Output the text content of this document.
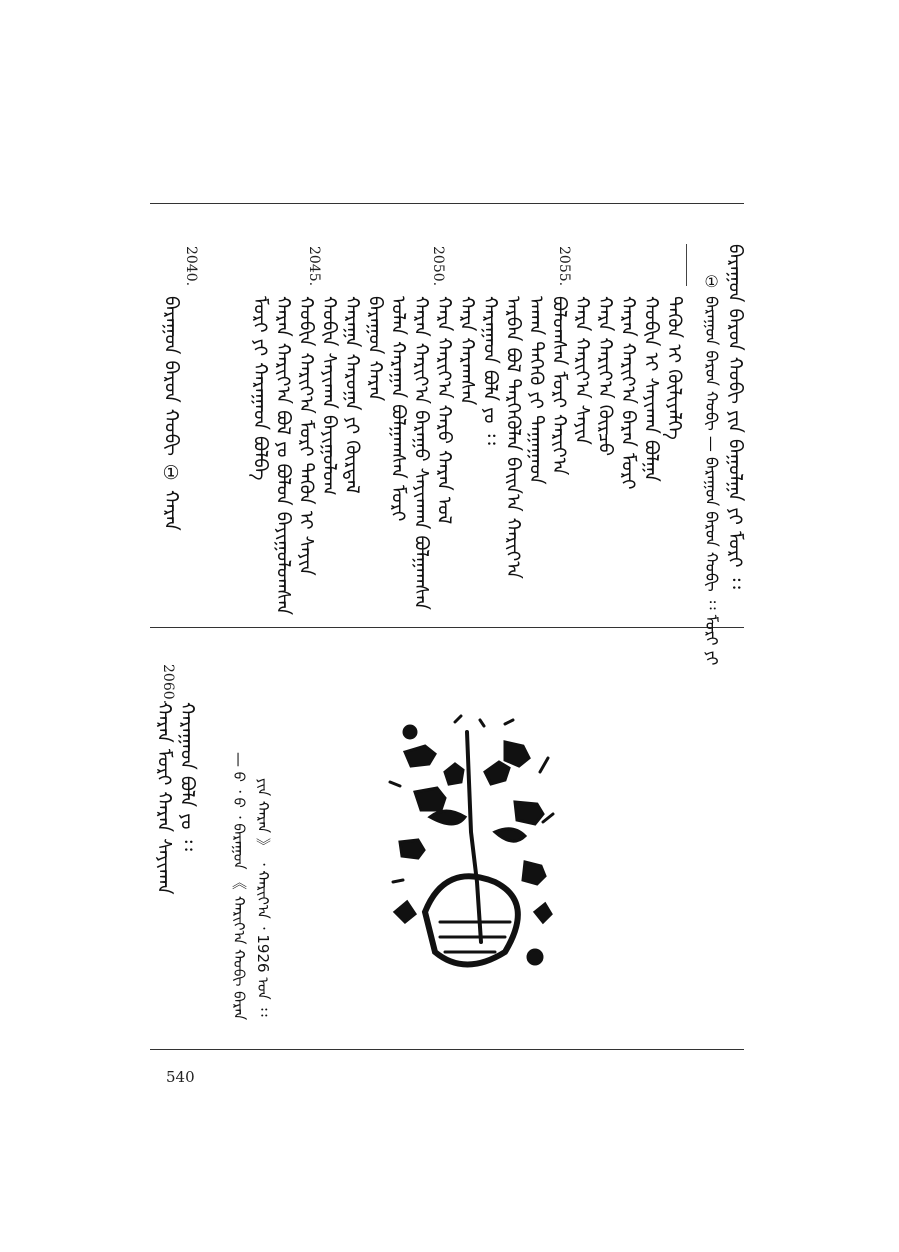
ᠪᠠᠷᠠᠭᠤᠨ ᠪᠠᠷᠤᠨ ᠬᠤᠪᠢ ᠶᠢᠨ ᠪᠠᠭᠤᠯᠭᠠ ᠶᠢ ᠮᠤᠷᠢ ᠄᠄
① ᠪᠠᠷᠠᠭᠤᠨ ᠪᠠᠷᠤᠨ ᠬᠤᠪᠢ — ᠪᠠᠷᠠᠭᠤᠨ ᠪᠠᠷᠤᠨ ᠬᠤᠪᠢ ᠄᠄ ᠮᠤᠷᠢ ᠶᠢ
ᠲᠡᠭᠦᠨ ᠢ ᠬᠦᠯᠢᠶᠡᠯᠭᠡ
ᠬᠤᠪᠢᠨ ᠢ ᠰᠠᠶᠢᠬᠠᠨ ᠪᠣᠯᠭᠠ
ᠬᠠᠷᠠᠨ ᠬᠠᠷᠢᠶ᠎ᠠ ᠪᠠᠷᠠᠨ ᠮᠤᠷᠢ
ᠬᠠᠷᠠ ᠬᠠᠷᠢᠶ᠎ᠠ ᠬᠦᠷᠴᠦ
ᠬᠠᠷᠠ ᠬᠠᠷᠢᠶ᠎ᠠ ᠰᠠᠶᠢᠨ
ᠪᠣᠯᠤᠭᠰᠠᠨ ᠮᠤᠷᠢ ᠬᠠᠷᠢᠶ᠎ᠠ
ᠠᠬᠠᠨ ᠳᠡᠭᠡᠭᠦ ᠶᠢ ᠳᠠᠭᠠᠭᠠᠳ
ᠠᠷᠪᠠᠨ ᠪᠣᠯ ᠲᠡᠷᠭᠡᠭᠦᠯᠡᠨ ᠪᠠᠢᠨ᠎ᠠ ᠬᠠᠷᠢᠶ᠎ᠠ
ᠬᠠᠷᠠᠭᠠᠳ ᠪᠣᠯᠠ ᠶᠤ ᠄᠄
ᠬᠠᠷᠠ ᠬᠠᠷᠠᠭᠰᠠᠨ
ᠬᠠᠷᠠ ᠬᠠᠷᠢᠶ᠎ᠠ ᠬᠠᠷᠤ ᠬᠠᠷᠠᠨ ᠤᠯ
ᠬᠠᠷᠠᠨ ᠬᠠᠷᠢᠶ᠎ᠠ ᠪᠠᠷᠠᠭᠤ ᠰᠠᠶᠢᠨᠬᠠᠨ ᠪᠣᠯᠭᠠᠭᠰᠠᠨ
ᠣᠯᠠᠨ ᠬᠠᠷᠠᠭᠠᠨ ᠪᠣᠯᠭᠠᠭᠰᠠᠨ ᠮᠤᠷᠢ
ᠪᠠᠷᠠᠭᠤᠨ ᠬᠠᠷᠠᠨ
ᠬᠠᠷᠠᠭᠠ ᠬᠠᠷᠤᠭᠠ ᠶᠢ ᠬᠦᠷᠲᠡᠯ
ᠬᠣᠪᠢᠨ ᠰᠠᠶᠢᠬᠠᠨ ᠪᠠᠶᠢᠭᠤᠯᠤᠭ
ᠬᠣᠪᠢᠨ ᠬᠠᠷᠢᠶ᠎ᠠ ᠮᠤᠷᠢ ᠲᠡᠭᠦᠨ ᠢ ᠰᠠᠶᠢᠨ
ᠬᠠᠷᠠᠨ ᠬᠠᠷᠢᠶ᠎ᠠ ᠪᠣᠯ ᠶᠤ ᠪᠣᠯᠤᠨ ᠪᠠᠶᠢᠭᠤᠯᠤᠭᠰᠠᠨ
ᠮᠤᠷᠢ ᠶᠢ ᠬᠠᠷᠠᠭᠠᠳ ᠪᠣᠯᠪᠠ
ᠪᠠᠷᠠᠭᠤᠨ ᠪᠠᠷᠤᠨ ᠬᠤᠪᠢ ① ᠬᠠᠷᠠᠨ
2055.
2050.
2045.
2040.
ᠶᠢᠨ ᠬᠠᠷᠠᠨ 》 ᠂ ᠬᠠᠷᠢᠶ᠎ᠠ ᠂ 1926 ᠣᠨ ᠄᠄
— ᠪ ᠂ ᠪ ᠂ ᠪᠠᠷᠠᠭᠤᠨ 《 ᠬᠠᠷᠢᠶ᠎ᠠ ᠬᠣᠪᠢ ᠪᠠᠷᠠᠨ
ᠬᠠᠷᠠᠭᠠᠳ ᠪᠣᠯᠠ ᠶᠤ ᠄᠄
ᠬᠠᠷᠠᠨ ᠮᠤᠷᠢ ᠬᠠᠷᠠᠨ ᠰᠠᠶᠢᠬᠠᠨ
2060.
540
